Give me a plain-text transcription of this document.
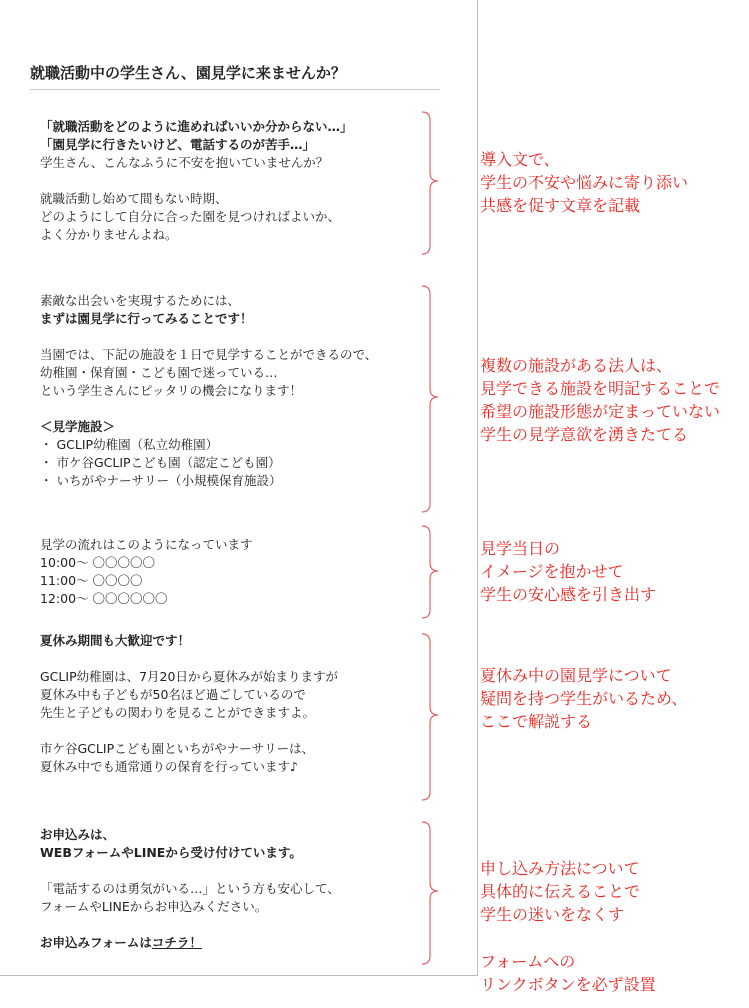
就職活動中の学生さん、園見学に来ませんか？

「就職活動をどのように進めればいいか分からない…」

「園見学に行きたいけど、電話するのが苦手…」

学生さん、こんなふうに不安を抱いていませんか？

就職活動し始めて間もない時期、

どのようにして自分に合った園を見つければよいか、

よく分かりませんよね。

素敵な出会いを実現するためには、

まずは園見学に行ってみることです！

当園では、下記の施設を１日で見学することができるので、

幼稚園・保育園・こども園で迷っている…

という学生さんにピッタリの機会になります！

＜見学施設＞

・ GCLIP幼稚園（私立幼稚園）

・ 市ケ谷GCLIPこども園（認定こども園）

・ いちがやナーサリー（小規模保育施設）

見学の流れはこのようになっています

10:00～ 〇〇〇〇〇

11:00～ 〇〇〇〇

12:00～ 〇〇〇〇〇〇

夏休み期間も大歓迎です！

GCLIP幼稚園は、7月20日から夏休みが始まりますが

夏休み中も子どもが50名ほど過ごしているので

先生と子どもの関わりを見ることができますよ。

市ケ谷GCLIPこども園といちがやナーサリーは、

夏休み中でも通常通りの保育を行っています♪

お申込みは、

WEBフォームやLINEから受け付けています。

「電話するのは勇気がいる…」という方も安心して、

フォームやLINEからお申込みください。

お申込みフォームはコチラ！

導入文で、

学生の不安や悩みに寄り添い

共感を促す文章を記載

複数の施設がある法人は、

見学できる施設を明記することで

希望の施設形態が定まっていない

学生の見学意欲を湧きたてる

見学当日の

イメージを抱かせて

学生の安心感を引き出す

夏休み中の園見学について

疑問を持つ学生がいるため、

ここで解説する

申し込み方法について

具体的に伝えることで

学生の迷いをなくす

フォームへの

リンクボタンを必ず設置
